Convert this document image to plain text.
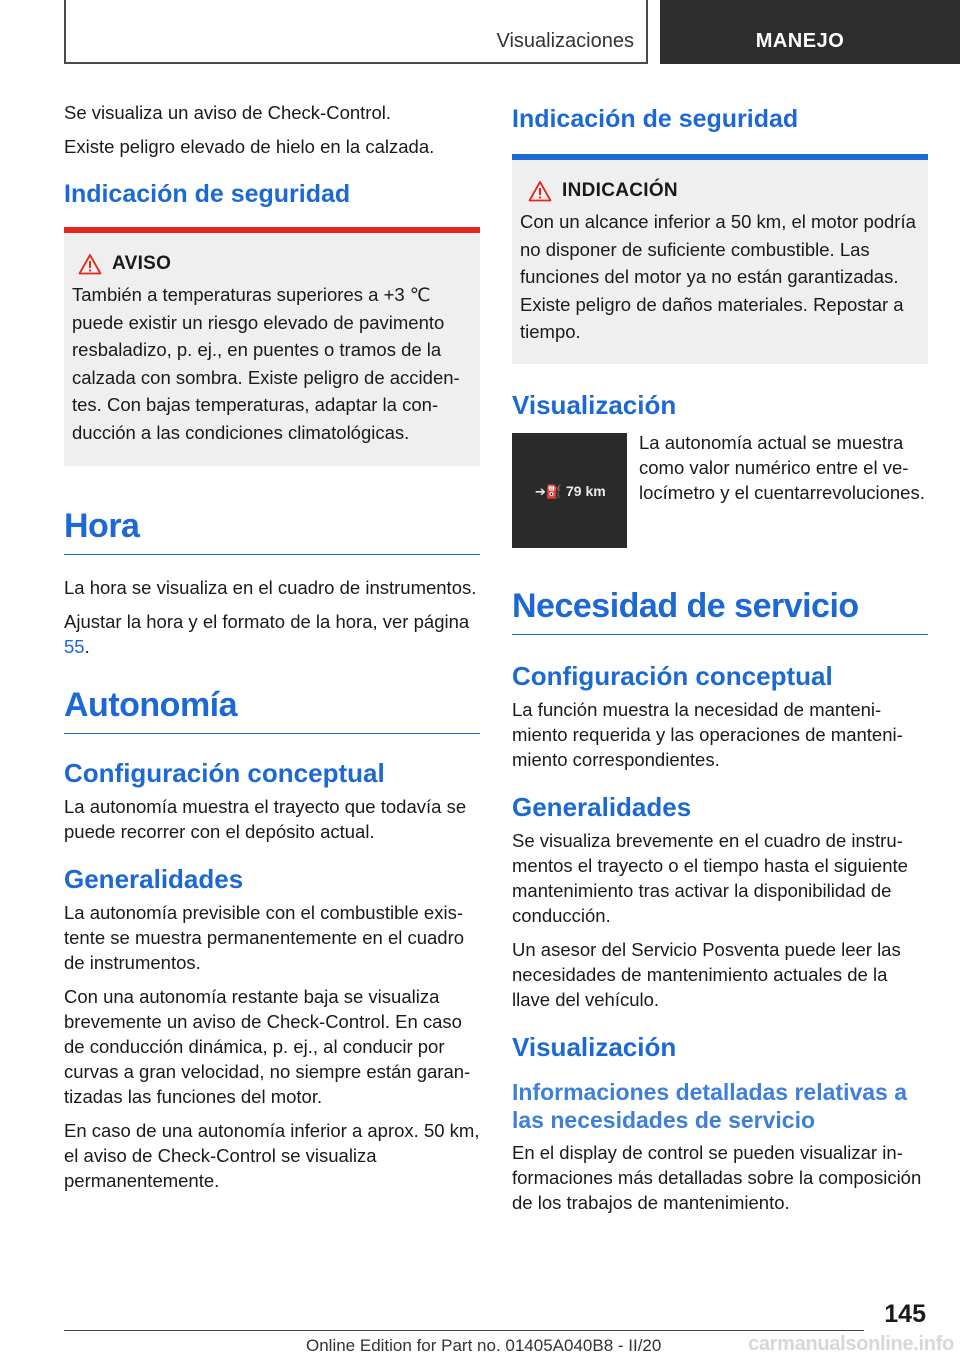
Visualizaciones	MANEJO

Se visualiza un aviso de Check-Control.

Existe peligro elevado de hielo en la calzada.

Indicación de seguridad
AVISO

También a temperaturas superiores a +3 ℃ puede existir un riesgo elevado de pavimento resbaladizo, p. ej., en puentes o tramos de la calzada con sombra. Existe peligro de accidentes. Con bajas temperaturas, adaptar la conducción a las condiciones climatológicas.

Hora

La hora se visualiza en el cuadro de instrumentos.

Ajustar la hora y el formato de la hora, ver página 55.

Autonomía
Configuración conceptual

La autonomía muestra el trayecto que todavía se puede recorrer con el depósito actual.

Generalidades

La autonomía previsible con el combustible existente se muestra permanentemente en el cuadro de instrumentos.

Con una autonomía restante baja se visualiza brevemente un aviso de Check-Control. En caso de conducción dinámica, p. ej., al conducir por curvas a gran velocidad, no siempre están garantizadas las funciones del motor.

En caso de una autonomía inferior a aprox. 50 km, el aviso de Check-Control se visualiza permanentemente.

Indicación de seguridad
INDICACIÓN

Con un alcance inferior a 50 km, el motor podría no disponer de suficiente combustible. Las funciones del motor ya no están garantizadas. Existe peligro de daños materiales. Repostar a tiempo.

Visualización
➔⛽ 79 km

La autonomía actual se muestra como valor numérico entre el velocímetro y el cuentarrevoluciones.

Necesidad de servicio
Configuración conceptual

La función muestra la necesidad de mantenimiento requerida y las operaciones de mantenimiento correspondientes.

Generalidades

Se visualiza brevemente en el cuadro de instrumentos el trayecto o el tiempo hasta el siguiente mantenimiento tras activar la disponibilidad de conducción.

Un asesor del Servicio Posventa puede leer las necesidades de mantenimiento actuales de la llave del vehículo.

Visualización
Informaciones detalladas relativas a las necesidades de servicio

En el display de control se pueden visualizar informaciones más detalladas sobre la composición de los trabajos de mantenimiento.

145
Online Edition for Part no. 01405A040B8 - II/20	carmanualsonline.info
